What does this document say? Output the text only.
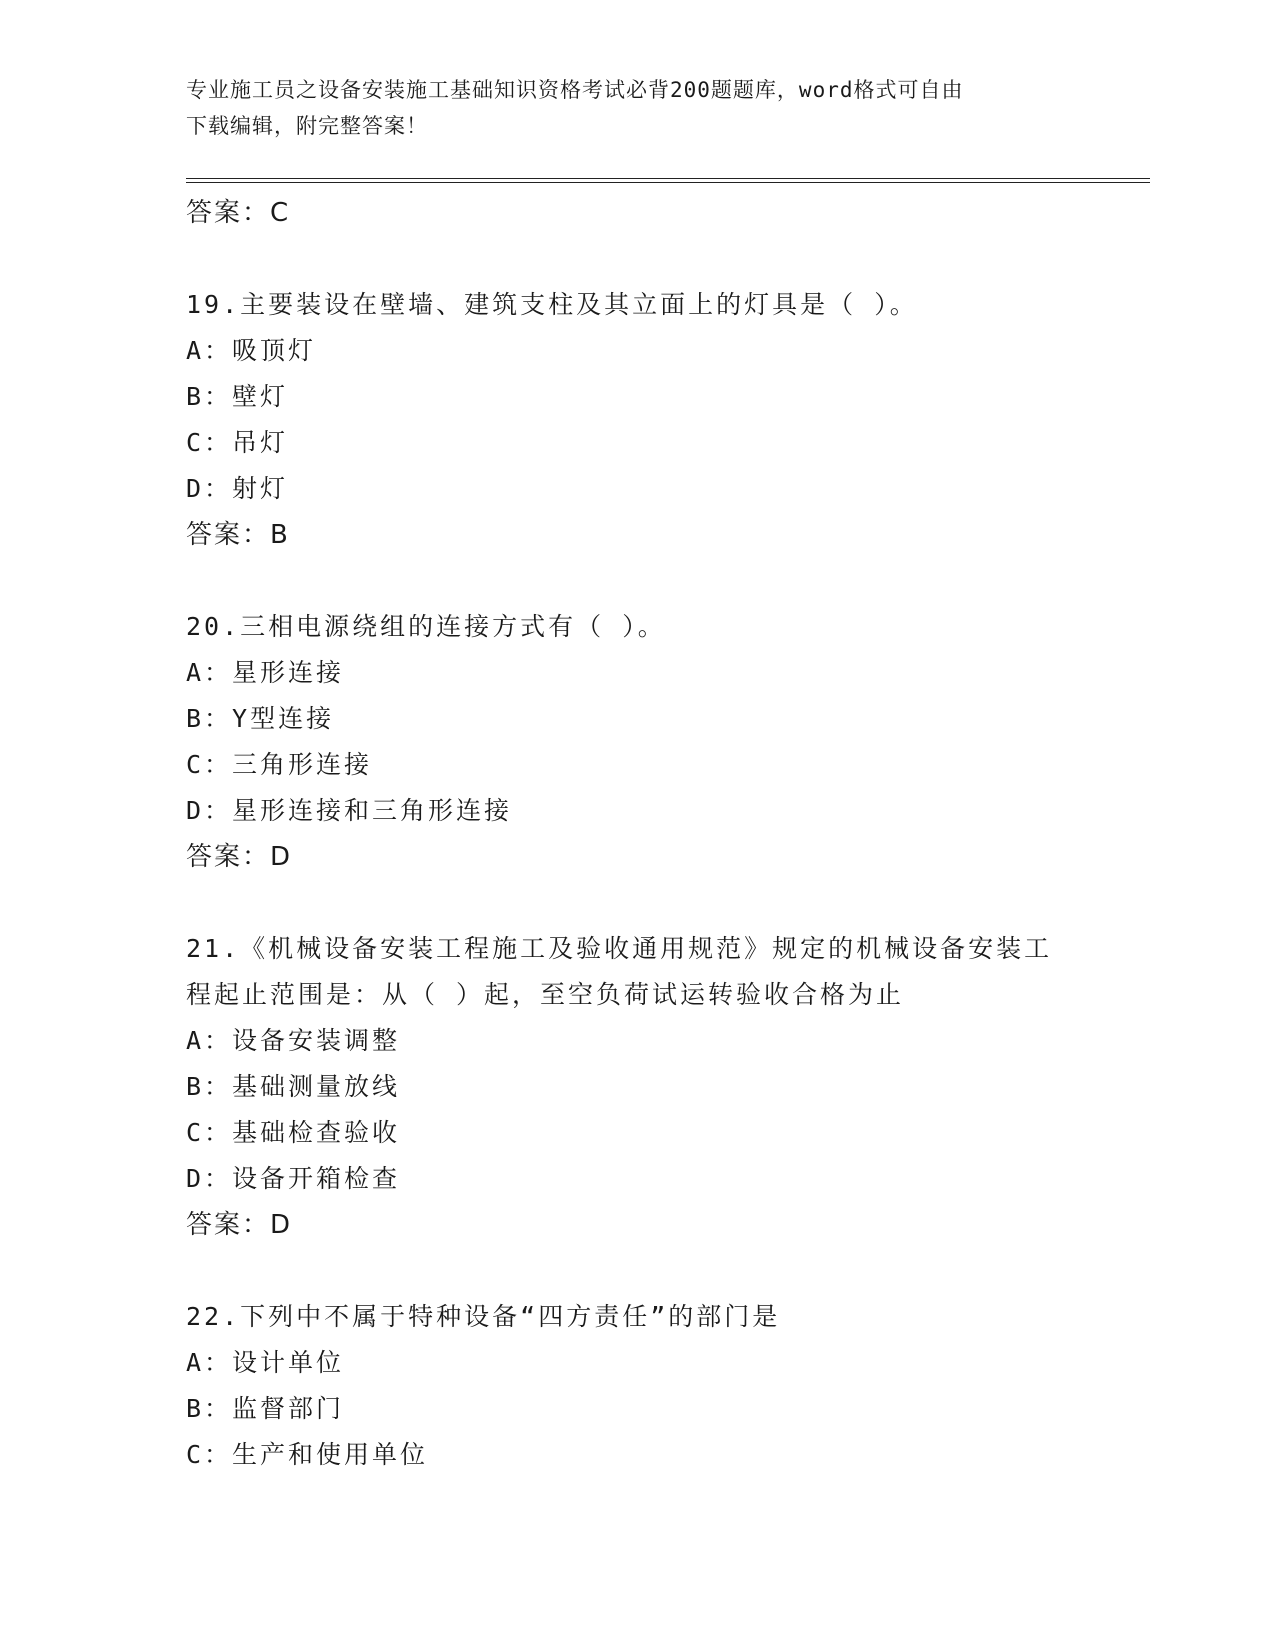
专业施工员之设备安装施工基础知识资格考试必背200题题库，word格式可自由
下载编辑，附完整答案！
答案：C
19.主要装设在壁墙、建筑支柱及其立面上的灯具是（ ）。
A：吸顶灯
B：壁灯
C：吊灯
D：射灯
答案：B
20.三相电源绕组的连接方式有（ ）。
A：星形连接
B：Y型连接
C：三角形连接
D：星形连接和三角形连接
答案：D
21.《机械设备安装工程施工及验收通用规范》规定的机械设备安装工
程起止范围是：从（ ）起，至空负荷试运转验收合格为止
A：设备安装调整
B：基础测量放线
C：基础检查验收
D：设备开箱检查
答案：D
22.下列中不属于特种设备“四方责任”的部门是
A：设计单位
B：监督部门
C：生产和使用单位
